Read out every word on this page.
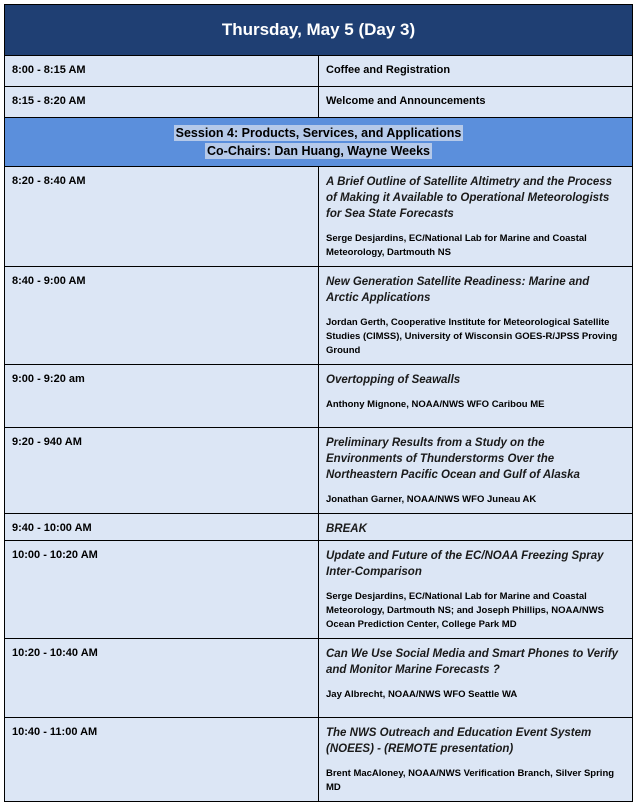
Thursday, May 5 (Day 3)	

8:00 - 8:15 AM	Coffee and Registration

8:15 - 8:20 AM	Welcome and Announcements

Session 4: Products, Services, and Applications
Co-Chairs: Dan Huang, Wayne Weeks	

8:20 - 8:40 AM	A Brief Outline of Satellite Altimetry and the Process of Making it Available to Operational Meteorologists for Sea State Forecasts
Serge Desjardins, EC/National Lab for Marine and Coastal Meteorology, Dartmouth NS

8:40 - 9:00 AM	New Generation Satellite Readiness: Marine and Arctic Applications
Jordan Gerth, Cooperative Institute for Meteorological Satellite Studies (CIMSS), University of Wisconsin GOES-R/JPSS Proving Ground

9:00 - 9:20 am	Overtopping of Seawalls
Anthony Mignone, NOAA/NWS WFO Caribou ME

9:20 - 940 AM	Preliminary Results from a Study on the Environments of Thunderstorms Over the Northeastern Pacific Ocean and Gulf of Alaska
Jonathan Garner, NOAA/NWS WFO Juneau AK

9:40 - 10:00 AM	BREAK

10:00 - 10:20 AM	Update and Future of the EC/NOAA Freezing Spray Inter-Comparison
Serge Desjardins, EC/National Lab for Marine and Coastal Meteorology, Dartmouth NS; and Joseph Phillips, NOAA/NWS Ocean Prediction Center, College Park MD

10:20 - 10:40 AM	Can We Use Social Media and Smart Phones to Verify and Monitor Marine Forecasts ?
Jay Albrecht, NOAA/NWS WFO Seattle WA

10:40 - 11:00 AM	The NWS Outreach and Education Event System (NOEES) - (REMOTE presentation)
Brent MacAloney, NOAA/NWS Verification Branch, Silver Spring MD
